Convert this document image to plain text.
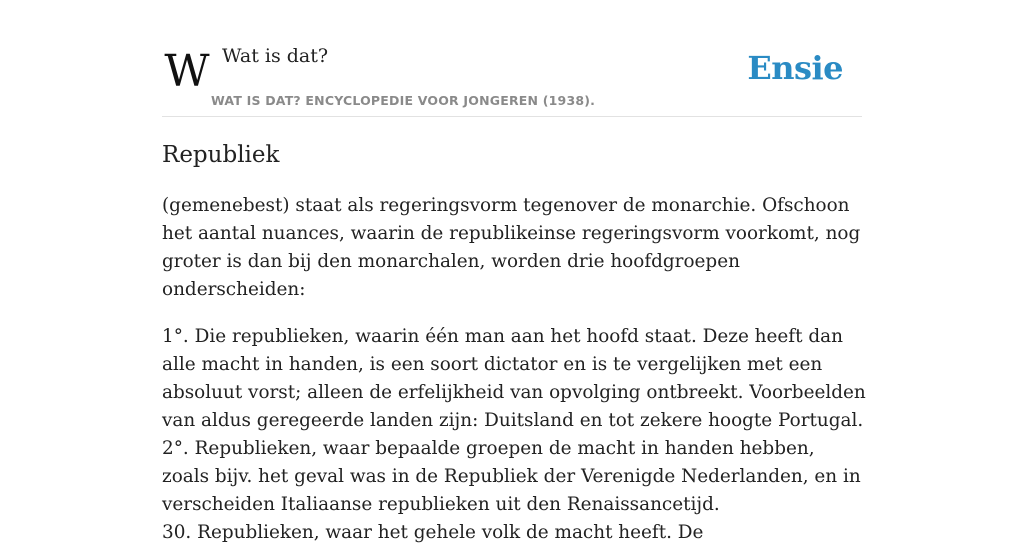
W Wat is dat?
WAT IS DAT? ENCYCLOPEDIE VOOR JONGEREN (1938).
Ensie
Republiek

(gemenebest) staat als regeringsvorm tegenover de monarchie. Ofschoon het aantal nuances, waarin de republikeinse regeringsvorm voorkomt, nog groter is dan bij den monarchalen, worden drie hoofdgroepen onderscheiden:

1°. Die republieken, waarin één man aan het hoofd staat. Deze heeft dan alle macht in handen, is een soort dictator en is te vergelijken met een absoluut vorst; alleen de erfelijkheid van opvolging ontbreekt. Voorbeelden van aldus geregeerde landen zijn: Duitsland en tot zekere hoogte Portugal.
2°. Republieken, waar bepaalde groepen de macht in handen hebben, zoals bijv. het geval was in de Republiek der Verenigde Nederlanden, en in verscheiden Italiaanse republieken uit den Renaissancetijd.
30. Republieken, waar het gehele volk de macht heeft. De
